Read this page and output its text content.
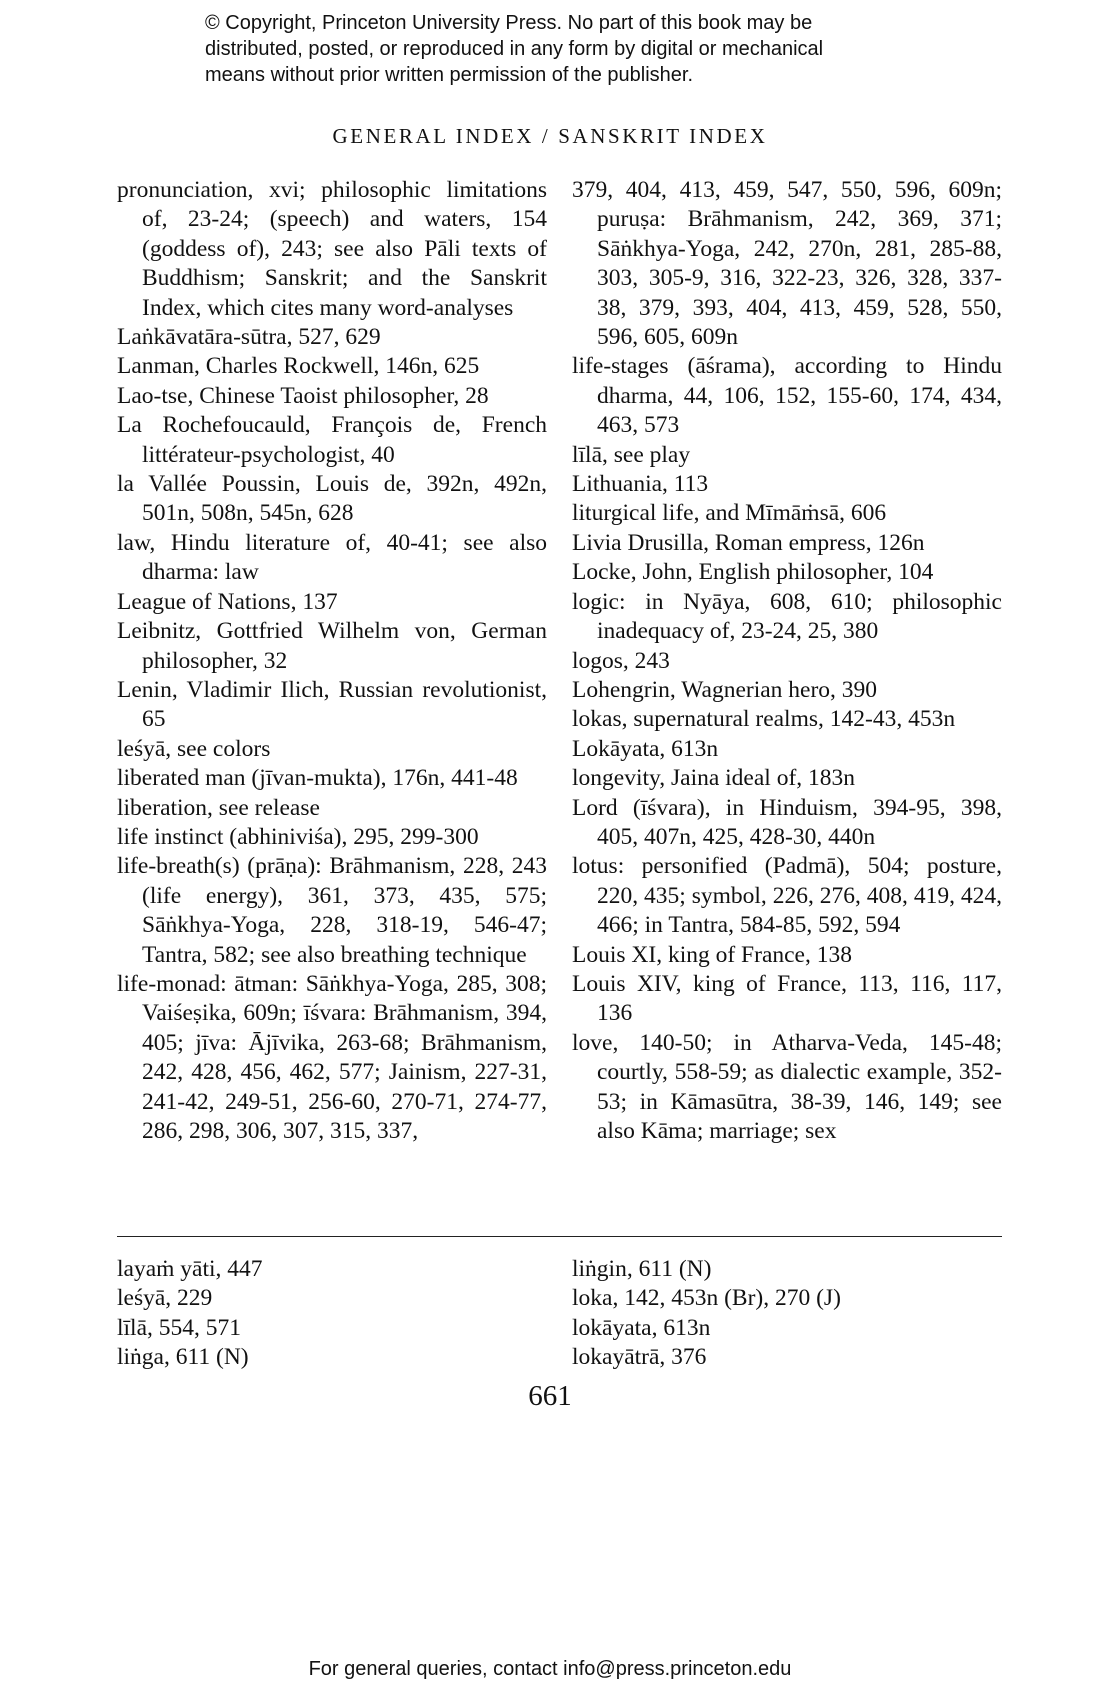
© Copyright, Princeton University Press. No part of this book may be
distributed, posted, or reproduced in any form by digital or mechanical
means without prior written permission of the publisher.
GENERAL INDEX / SANSKRIT INDEX
pronunciation, xvi; philosophic limitations of, 23-24; (speech) and waters, 154 (goddess of), 243; see also Pāli texts of Buddhism; Sanskrit; and the Sanskrit Index, which cites many word-analyses
Laṅkāvatāra-sūtra, 527, 629
Lanman, Charles Rockwell, 146n, 625
Lao-tse, Chinese Taoist philosopher, 28
La Rochefoucauld, François de, French littérateur-psychologist, 40
la Vallée Poussin, Louis de, 392n, 492n, 501n, 508n, 545n, 628
law, Hindu literature of, 40-41; see also dharma: law
League of Nations, 137
Leibnitz, Gottfried Wilhelm von, German philosopher, 32
Lenin, Vladimir Ilich, Russian revolutionist, 65
leśyā, see colors
liberated man (jīvan-mukta), 176n, 441-48
liberation, see release
life instinct (abhiniviśa), 295, 299-300
life-breath(s) (prāṇa): Brāhmanism, 228, 243 (life energy), 361, 373, 435, 575; Sāṅkhya-Yoga, 228, 318-19, 546-47; Tantra, 582; see also breathing technique
life-monad: ātman: Sāṅkhya-Yoga, 285, 308; Vaiśeṣika, 609n; īśvara: Brāhmanism, 394, 405; jīva: Ājīvika, 263-68; Brāhmanism, 242, 428, 456, 462, 577; Jainism, 227-31, 241-42, 249-51, 256-60, 270-71, 274-77, 286, 298, 306, 307, 315, 337,
379, 404, 413, 459, 547, 550, 596, 609n; puruṣa: Brāhmanism, 242, 369, 371; Sāṅkhya-Yoga, 242, 270n, 281, 285-88, 303, 305-9, 316, 322-23, 326, 328, 337-38, 379, 393, 404, 413, 459, 528, 550, 596, 605, 609n
life-stages (āśrama), according to Hindu dharma, 44, 106, 152, 155-60, 174, 434, 463, 573
līlā, see play
Lithuania, 113
liturgical life, and Mīmāṁsā, 606
Livia Drusilla, Roman empress, 126n
Locke, John, English philosopher, 104
logic: in Nyāya, 608, 610; philosophic inadequacy of, 23-24, 25, 380
logos, 243
Lohengrin, Wagnerian hero, 390
lokas, supernatural realms, 142-43, 453n
Lokāyata, 613n
longevity, Jaina ideal of, 183n
Lord (īśvara), in Hinduism, 394-95, 398, 405, 407n, 425, 428-30, 440n
lotus: personified (Padmā), 504; posture, 220, 435; symbol, 226, 276, 408, 419, 424, 466; in Tantra, 584-85, 592, 594
Louis XI, king of France, 138
Louis XIV, king of France, 113, 116, 117, 136
love, 140-50; in Atharva-Veda, 145-48; courtly, 558-59; as dialectic example, 352-53; in Kāmasūtra, 38-39, 146, 149; see also Kāma; marriage; sex
layaṁ yāti, 447
leśyā, 229
līlā, 554, 571
liṅga, 611 (N)
liṅgin, 611 (N)
loka, 142, 453n (Br), 270 (J)
lokāyata, 613n
lokayātrā, 376
661
For general queries, contact info@press.princeton.edu
